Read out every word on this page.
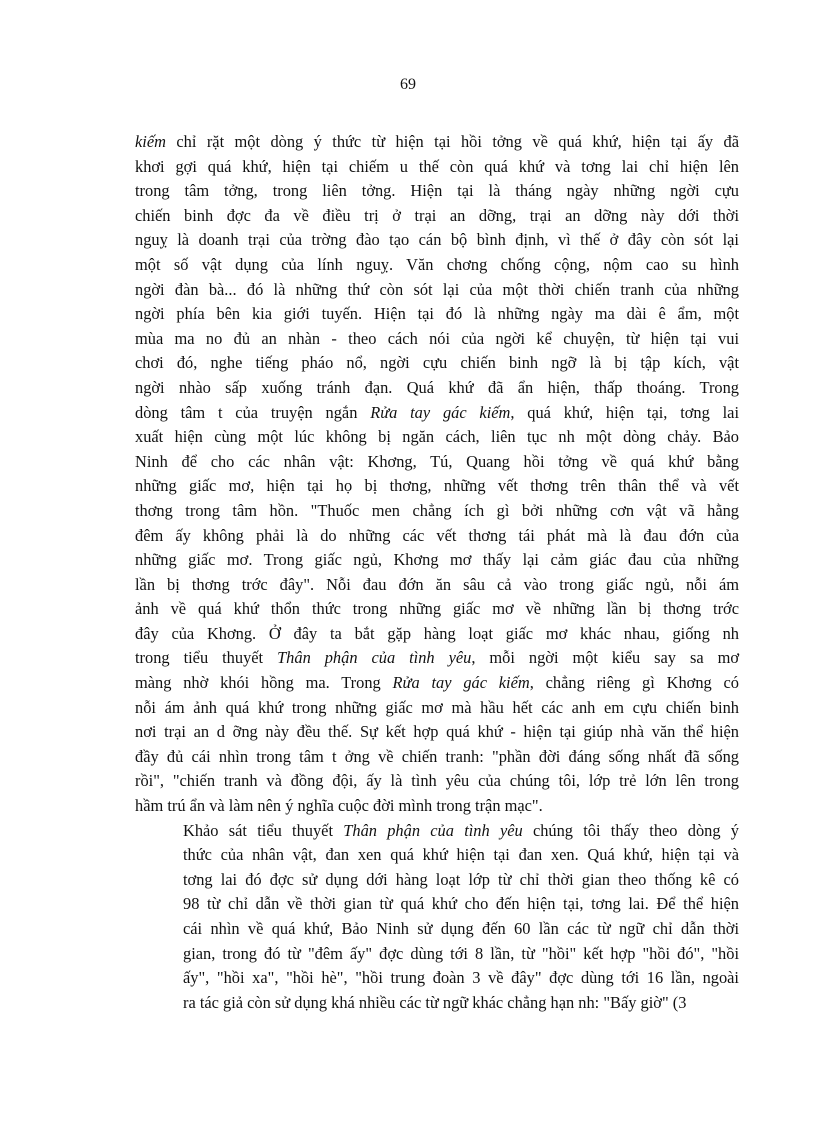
69

kiếm chỉ rặt một dòng ý thức từ hiện tại hồi tởng về quá khứ, hiện tại ấy đã
khơi gợi quá khứ, hiện tại chiếm u thế còn quá khứ và tơng lai chỉ hiện lên
trong tâm tởng, trong liên tởng. Hiện tại là tháng ngày những ngời cựu
chiến binh đợc đa về điều trị ở trại an dỡng, trại an dỡng này dới thời
nguỵ là doanh trại của trờng đào tạo cán bộ bình định, vì thế ở đây còn sót lại
một số vật dụng của lính nguỵ. Văn chơng chống cộng, nộm cao su hình
ngời đàn bà... đó là những thứ còn sót lại của một thời chiến tranh của những
ngời phía bên kia giới tuyến. Hiện tại đó là những ngày ma dài ê ẩm, một
mùa ma no đủ an nhàn - theo cách nói của ngời kể chuyện, từ hiện tại vui
chơi đó, nghe tiếng pháo nổ, ngời cựu chiến binh ngỡ là bị tập kích, vật
ngời nhào sấp xuống tránh đạn. Quá khứ đã ẩn hiện, thấp thoáng. Trong
dòng tâm t của truyện ngắn Rửa tay gác kiếm, quá khứ, hiện tại, tơng lai
xuất hiện cùng một lúc không bị ngăn cách, liên tục nh một dòng chảy. Bảo
Ninh để cho các nhân vật: Khơng, Tú, Quang hồi tởng về quá khứ bằng
những giấc mơ, hiện tại họ bị thơng, những vết thơng trên thân thể và vết
thơng trong tâm hồn. "Thuốc men chẳng ích gì bởi những cơn vật vã hằng
đêm ấy không phải là do những các vết thơng tái phát mà là đau đớn của
những giấc mơ. Trong giấc ngủ, Khơng mơ thấy lại cảm giác đau của những
lần bị thơng trớc đây". Nỗi đau đớn ăn sâu cả vào trong giấc ngủ, nỗi ám
ảnh về quá khứ thổn thức trong những giấc mơ về những lần bị thơng trớc
đây của Khơng. Ở đây ta bắt gặp hàng loạt giấc mơ khác nhau, giống nh
trong tiểu thuyết Thân phận của tình yêu, mỗi ngời một kiểu say sa mơ
màng nhờ khói hồng ma. Trong Rửa tay gác kiếm, chẳng riêng gì Khơng có
nỗi ám ảnh quá khứ trong những giấc mơ mà hầu hết các anh em cựu chiến binh
nơi trại an d ỡng này đều thế. Sự kết hợp quá khứ - hiện tại giúp nhà văn thể hiện
đầy đủ cái nhìn trong tâm t ởng về chiến tranh: "phần đời đáng sống nhất đã sống
rồi", "chiến tranh và đồng đội, ấy là tình yêu của chúng tôi, lớp trẻ lớn lên trong
hầm trú ẩn và làm nên ý nghĩa cuộc đời mình trong trận mạc".

Khảo sát tiểu thuyết Thân phận của tình yêu chúng tôi thấy theo dòng ý
thức của nhân vật, đan xen quá khứ hiện tại đan xen. Quá khứ, hiện tại và
tơng lai đó đợc sử dụng dới hàng loạt lớp từ chỉ thời gian theo thống kê có
98 từ chỉ dẫn về thời gian từ quá khứ cho đến hiện tại, tơng lai. Để thể hiện
cái nhìn về quá khứ, Bảo Ninh sử dụng đến 60 lần các từ ngữ chỉ dẫn thời
gian, trong đó từ "đêm ấy" đợc dùng tới 8 lần, từ "hồi" kết hợp "hồi đó", "hồi
ấy", "hồi xa", "hồi hè", "hồi trung đoàn 3 về đây" đợc dùng tới 16 lần, ngoài
ra tác giả còn sử dụng khá nhiều các từ ngữ khác chẳng hạn nh: "Bấy giờ" (3
